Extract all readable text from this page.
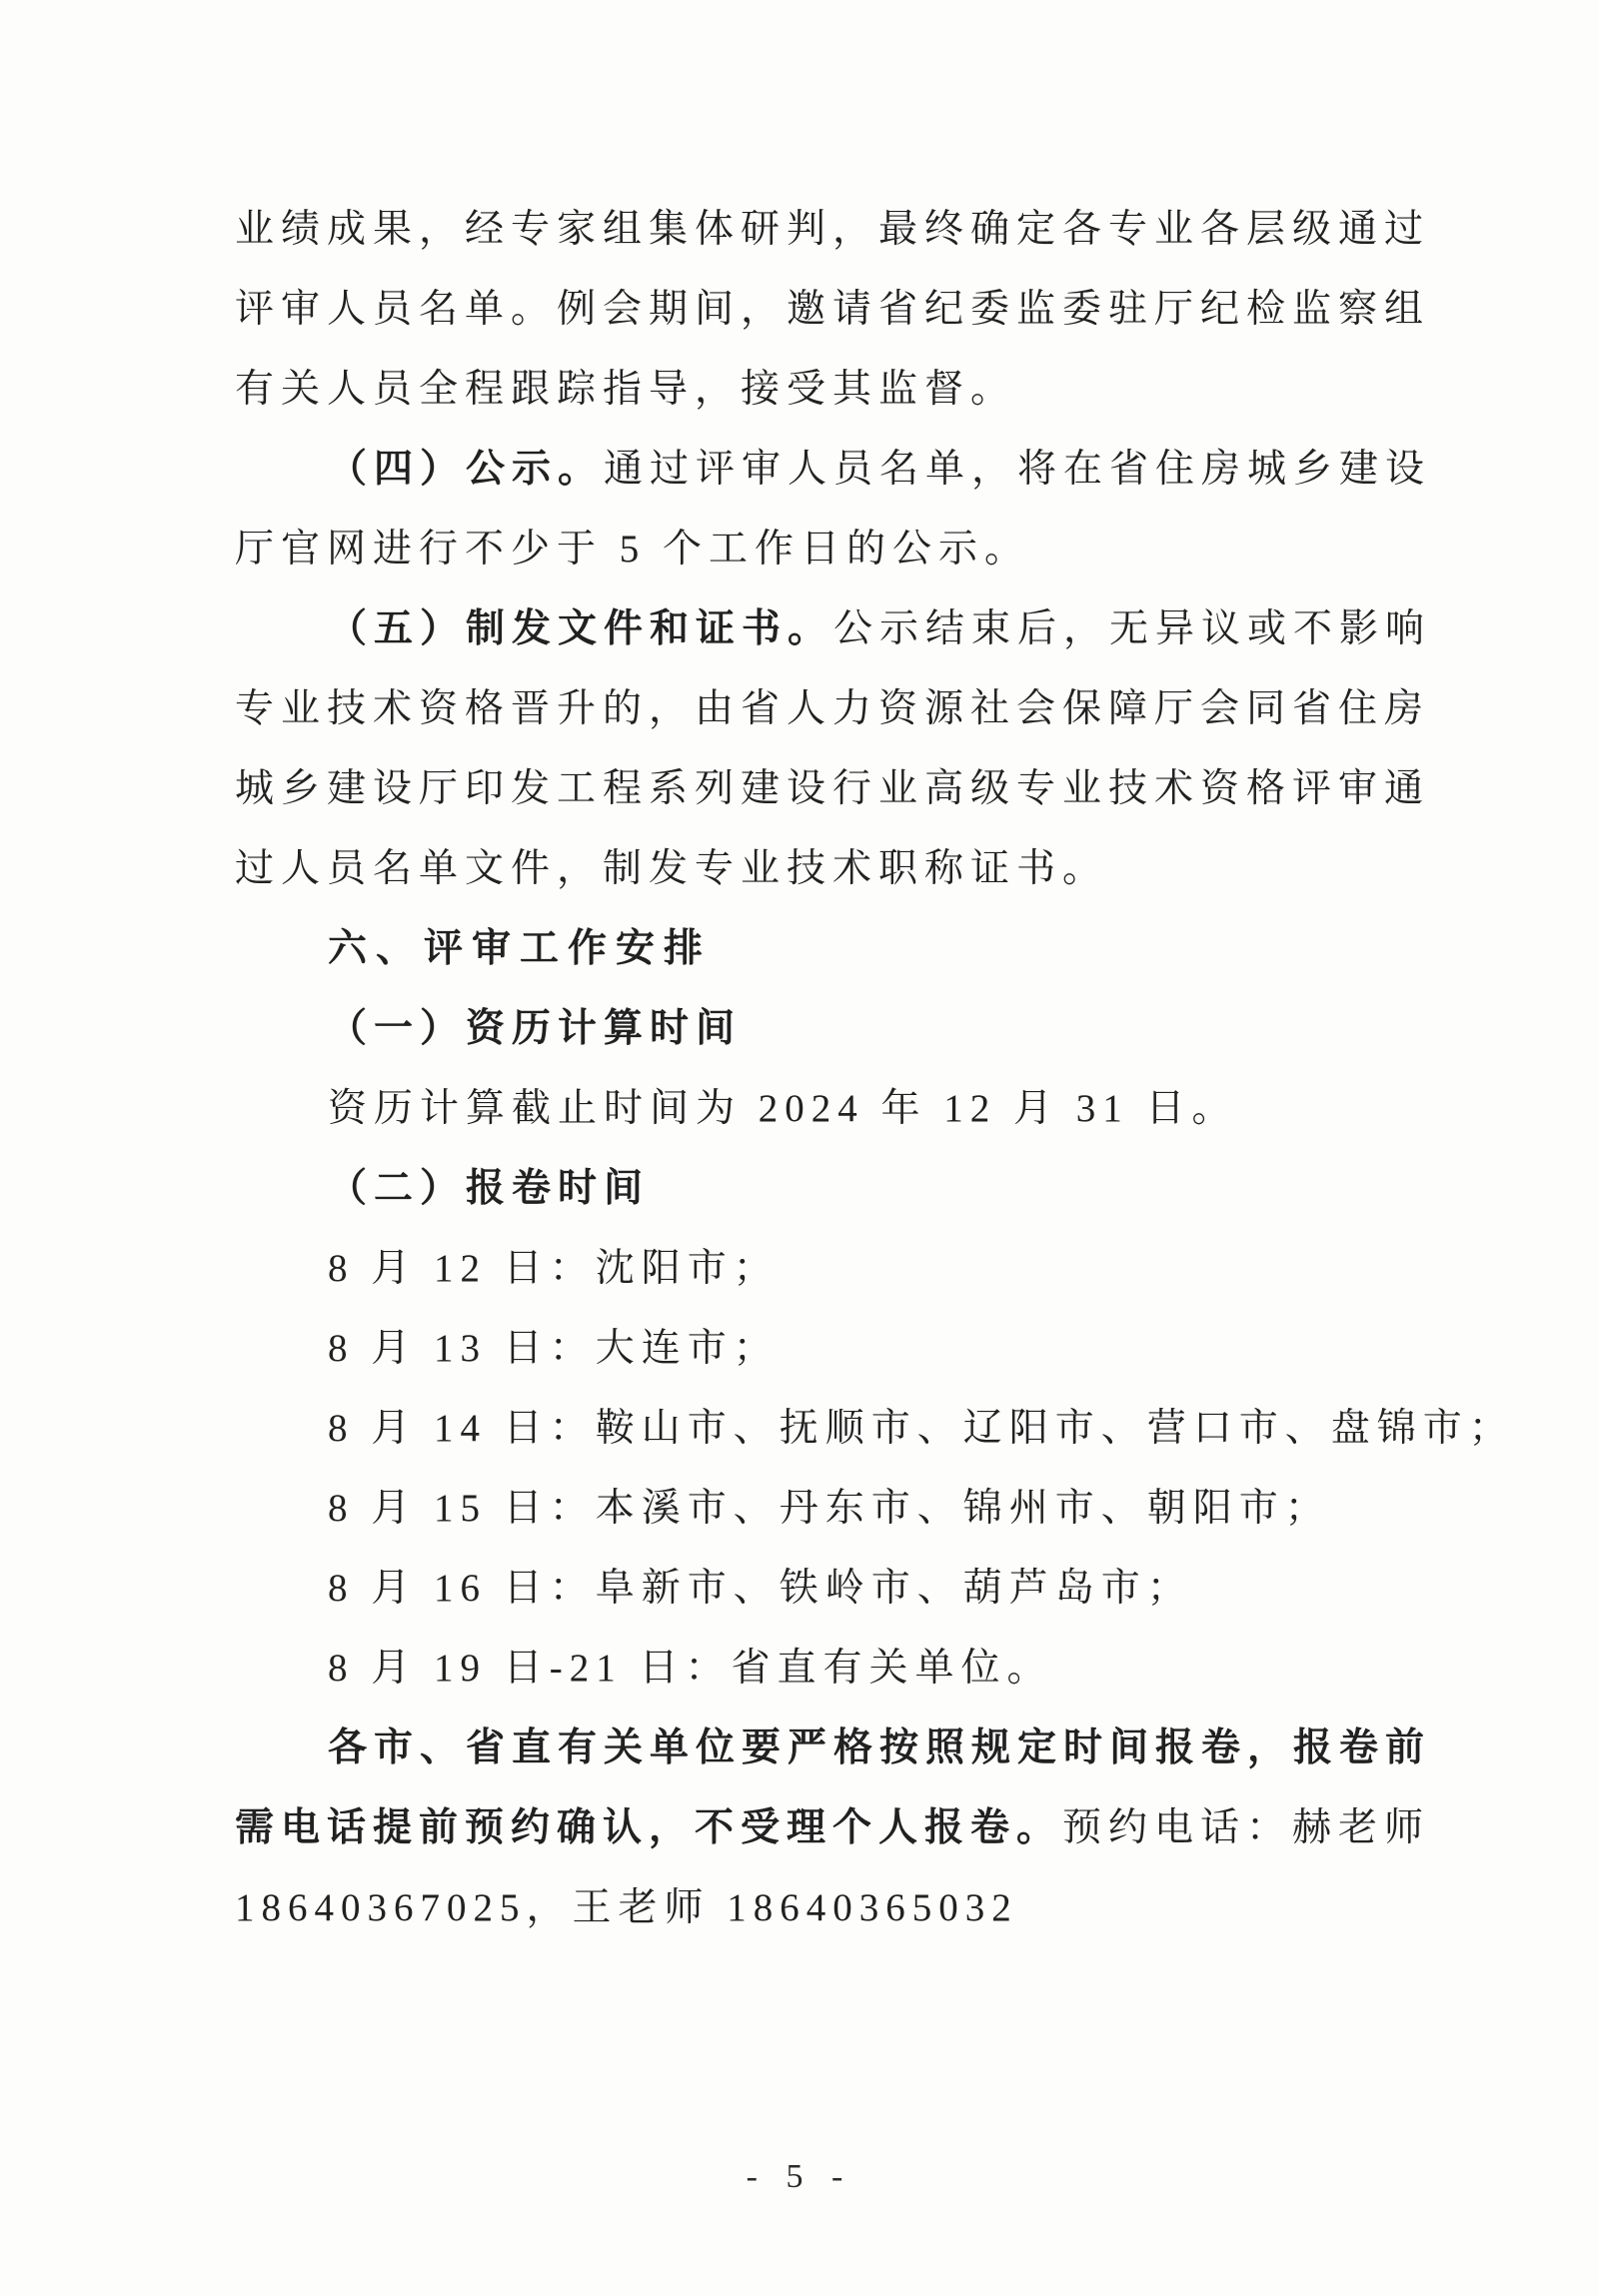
业绩成果，经专家组集体研判，最终确定各专业各层级通过
评审人员名单。例会期间，邀请省纪委监委驻厅纪检监察组
有关人员全程跟踪指导，接受其监督。
（四）公示。通过评审人员名单，将在省住房城乡建设
厅官网进行不少于 5 个工作日的公示。
（五）制发文件和证书。公示结束后，无异议或不影响
专业技术资格晋升的，由省人力资源社会保障厅会同省住房
城乡建设厅印发工程系列建设行业高级专业技术资格评审通
过人员名单文件，制发专业技术职称证书。
六、评审工作安排
（一）资历计算时间
资历计算截止时间为 2024 年 12 月 31 日。
（二）报卷时间
8 月 12 日：沈阳市；
8 月 13 日：大连市；
8 月 14 日：鞍山市、抚顺市、辽阳市、营口市、盘锦市；
8 月 15 日：本溪市、丹东市、锦州市、朝阳市；
8 月 16 日：阜新市、铁岭市、葫芦岛市；
8 月 19 日-21 日：省直有关单位。
各市、省直有关单位要严格按照规定时间报卷，报卷前
需电话提前预约确认，不受理个人报卷。预约电话：赫老师
18640367025，王老师 18640365032
- 5 -
